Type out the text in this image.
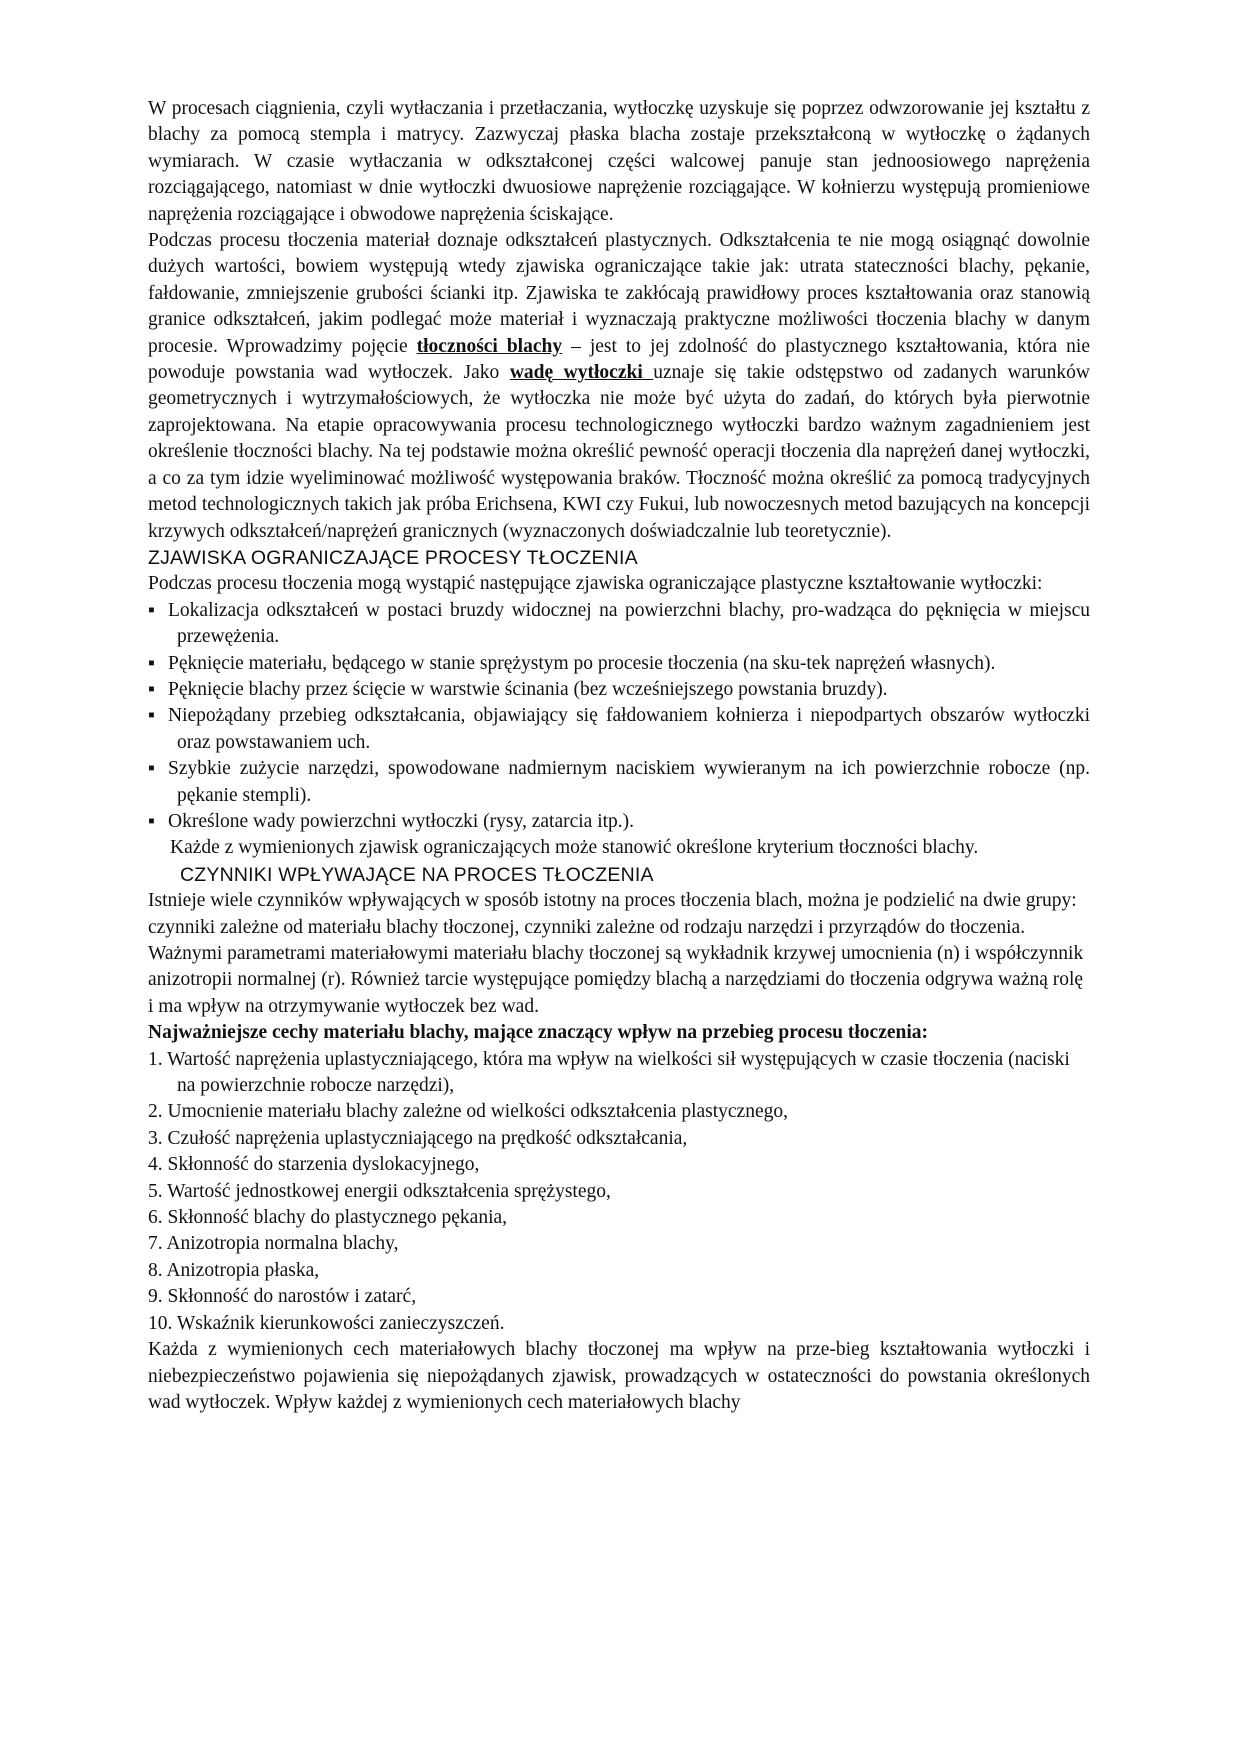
W procesach ciągnienia, czyli wytłaczania i przetłaczania, wytłoczkę uzyskuje się poprzez odwzorowanie jej kształtu z blachy za pomocą stempla i matrycy. Zazwyczaj płaska blacha zostaje przekształconą w wytłoczkę o żądanych wymiarach. W czasie wytłaczania w odkształconej części walcowej panuje stan jednoosiowego naprężenia rozciągającego, natomiast w dnie wytłoczki dwuosiowe naprężenie rozciągające. W kołnierzu występują promieniowe naprężenia rozciągające i obwodowe naprężenia ściskające.

Podczas procesu tłoczenia materiał doznaje odkształceń plastycznych. Odkształcenia te nie mogą osiągnąć dowolnie dużych wartości, bowiem występują wtedy zjawiska ograniczające takie jak: utrata stateczności blachy, pękanie, fałdowanie, zmniejszenie grubości ścianki itp. Zjawiska te zakłócają prawidłowy proces kształtowania oraz stanowią granice odkształceń, jakim podlegać może materiał i wyznaczają praktyczne możliwości tłoczenia blachy w danym procesie. Wprowadzimy pojęcie tłoczności blachy – jest to jej zdolność do plastycznego kształtowania, która nie powoduje powstania wad wytłoczek. Jako wadę wytłoczki uznaje się takie odstępstwo od zadanych warunków geometrycznych i wytrzymałościowych, że wytłoczka nie może być użyta do zadań, do których była pierwotnie zaprojektowana. Na etapie opracowywania procesu technologicznego wytłoczki bardzo ważnym zagadnieniem jest określenie tłoczności blachy. Na tej podstawie można określić pewność operacji tłoczenia dla naprężeń danej wytłoczki, a co za tym idzie wyeliminować możliwość występowania braków. Tłoczność można określić za pomocą tradycyjnych metod technologicznych takich jak próba Erichsena, KWI czy Fukui, lub nowoczesnych metod bazujących na koncepcji krzywych odkształceń/naprężeń granicznych (wyznaczonych doświadczalnie lub teoretycznie).

ZJAWISKA OGRANICZAJĄCE PROCESY TŁOCZENIA

Podczas procesu tłoczenia mogą wystąpić następujące zjawiska ograniczające plastyczne kształtowanie wytłoczki:

▪ Lokalizacja odkształceń w postaci bruzdy widocznej na powierzchni blachy, pro-wadząca do pęknięcia w miejscu przewężenia.
▪ Pęknięcie materiału, będącego w stanie sprężystym po procesie tłoczenia (na sku-tek naprężeń własnych).
▪ Pęknięcie blachy przez ścięcie w warstwie ścinania (bez wcześniejszego powstania bruzdy).
▪ Niepożądany przebieg odkształcania, objawiający się fałdowaniem kołnierza i niepodpartych obszarów wytłoczki oraz powstawaniem uch.
▪ Szybkie zużycie narzędzi, spowodowane nadmiernym naciskiem wywieranym na ich powierzchnie robocze (np. pękanie stempli).
▪ Określone wady powierzchni wytłoczki (rysy, zatarcia itp.).

Każde z wymienionych zjawisk ograniczających może stanowić określone kryterium tłoczności blachy.

CZYNNIKI WPŁYWAJĄCE NA PROCES TŁOCZENIA

Istnieje wiele czynników wpływających w sposób istotny na proces tłoczenia blach, można je podzielić na dwie grupy: czynniki zależne od materiału blachy tłoczonej, czynniki zależne od rodzaju narzędzi i przyrządów do tłoczenia. Ważnymi parametrami materiałowymi materiału blachy tłoczonej są wykładnik krzywej umocnienia (n) i współczynnik anizotropii normalnej (r). Również tarcie występujące pomiędzy blachą a narzędziami do tłoczenia odgrywa ważną rolę i ma wpływ na otrzymywanie wytłoczek bez wad.

Najważniejsze cechy materiału blachy, mające znaczący wpływ na przebieg procesu tłoczenia:

1. Wartość naprężenia uplastyczniającego, która ma wpływ na wielkości sił występujących w czasie tłoczenia (naciski na powierzchnie robocze narzędzi),
2. Umocnienie materiału blachy zależne od wielkości odkształcenia plastycznego,
3. Czułość naprężenia uplastyczniającego na prędkość odkształcania,
4. Skłonność do starzenia dyslokacyjnego,
5. Wartość jednostkowej energii odkształcenia sprężystego,
6. Skłonność blachy do plastycznego pękania,
7. Anizotropia normalna blachy,
8. Anizotropia płaska,
9. Skłonność do narostów i zatarć,
10. Wskaźnik kierunkowości zanieczyszczeń.

Każda z wymienionych cech materiałowych blachy tłoczonej ma wpływ na prze-bieg kształtowania wytłoczki i niebezpieczeństwo pojawienia się niepożądanych zjawisk, prowadzących w ostateczności do powstania określonych wad wytłoczek. Wpływ każdej z wymienionych cech materiałowych blachy
